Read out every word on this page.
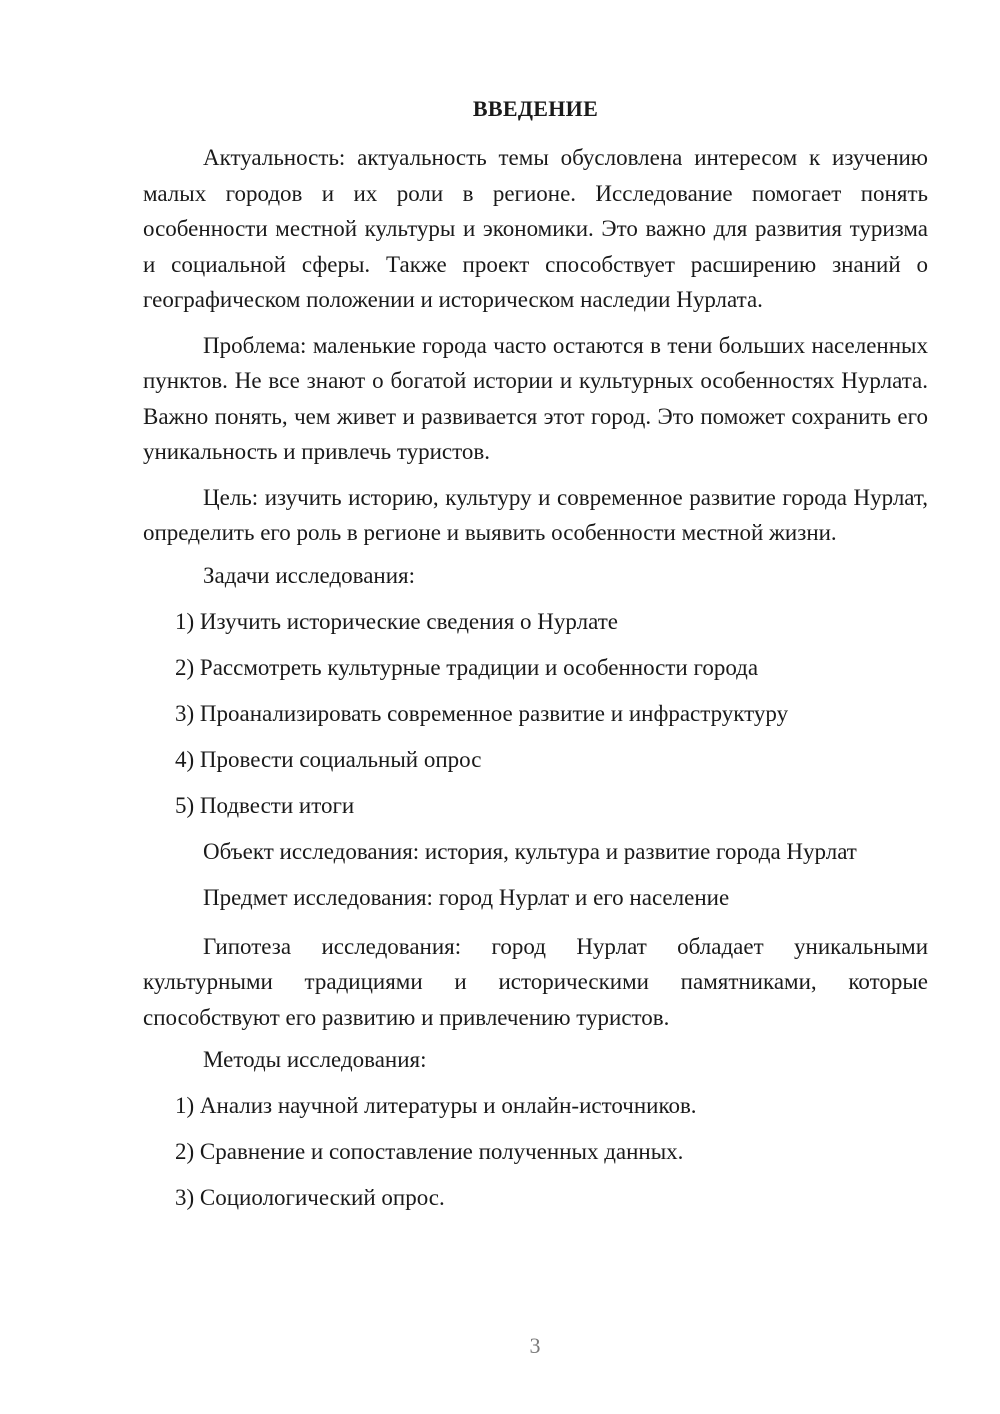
ВВЕДЕНИЕ

Актуальность: актуальность темы обусловлена интересом к изучению малых городов и их роли в регионе. Исследование помогает понять особенности местной культуры и экономики. Это важно для развития туризма и социальной сферы. Также проект способствует расширению знаний о географическом положении и историческом наследии Нурлата.

Проблема: маленькие города часто остаются в тени больших населенных пунктов. Не все знают о богатой истории и культурных особенностях Нурлата. Важно понять, чем живет и развивается этот город. Это поможет сохранить его уникальность и привлечь туристов.

Цель: изучить историю, культуру и современное развитие города Нурлат, определить его роль в регионе и выявить особенности местной жизни.

Задачи исследования:
1) Изучить исторические сведения о Нурлате
2) Рассмотреть культурные традиции и особенности города
3) Проанализировать современное развитие и инфраструктуру
4) Провести социальный опрос
5) Подвести итоги
Объект исследования: история, культура и развитие города Нурлат
Предмет исследования: город Нурлат и его население

Гипотеза исследования: город Нурлат обладает уникальными культурными традициями и историческими памятниками, которые способствуют его развитию и привлечению туристов.

Методы исследования:
1) Анализ научной литературы и онлайн-источников.
2) Сравнение и сопоставление полученных данных.
3) Социологический опрос.
3
